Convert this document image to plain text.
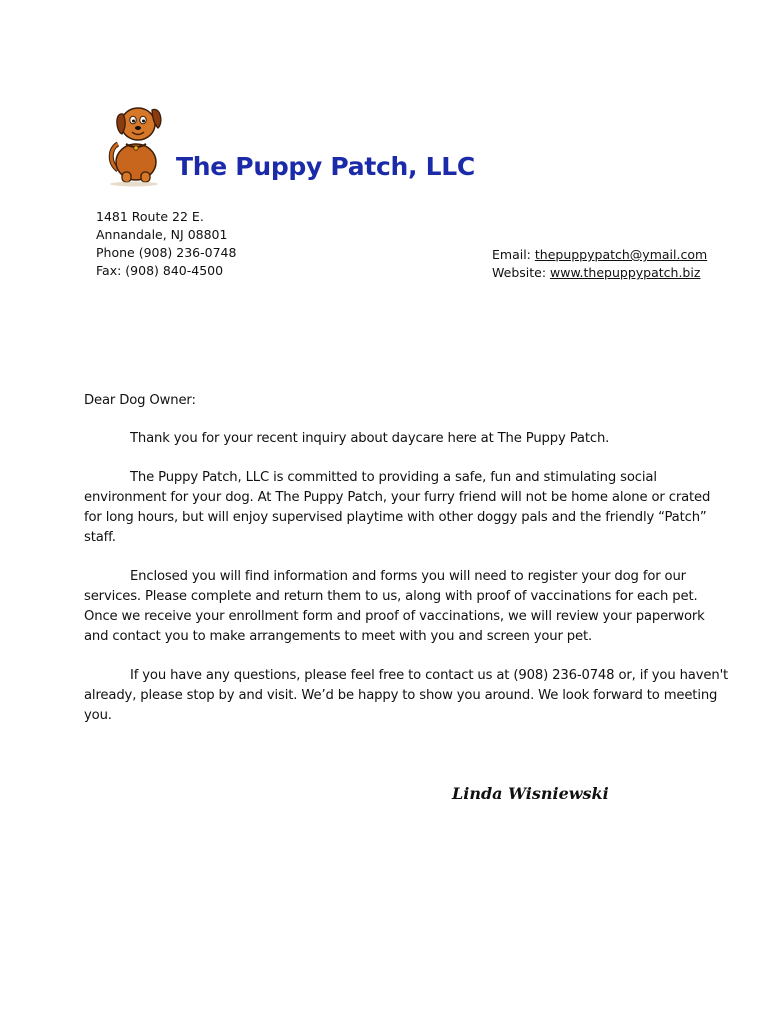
The Puppy Patch, LLC
1481 Route 22 E.
Annandale, NJ 08801
Phone (908) 236-0748
Fax: (908) 840-4500
Email: thepuppypatch@ymail.com
Website: www.thepuppypatch.biz

Dear Dog Owner:

Thank you for your recent inquiry about daycare here at The Puppy Patch.

The Puppy Patch, LLC is committed to providing a safe, fun and stimulating social environment for your dog. At The Puppy Patch, your furry friend will not be home alone or crated for long hours, but will enjoy supervised playtime with other doggy pals and the friendly “Patch” staff.

Enclosed you will find information and forms you will need to register your dog for our services. Please complete and return them to us, along with proof of vaccinations for each pet. Once we receive your enrollment form and proof of vaccinations, we will review your paperwork and contact you to make arrangements to meet with you and screen your pet.

If you have any questions, please feel free to contact us at (908) 236-0748 or, if you haven't already, please stop by and visit. We’d be happy to show you around. We look forward to meeting you.

Linda Wisniewski
